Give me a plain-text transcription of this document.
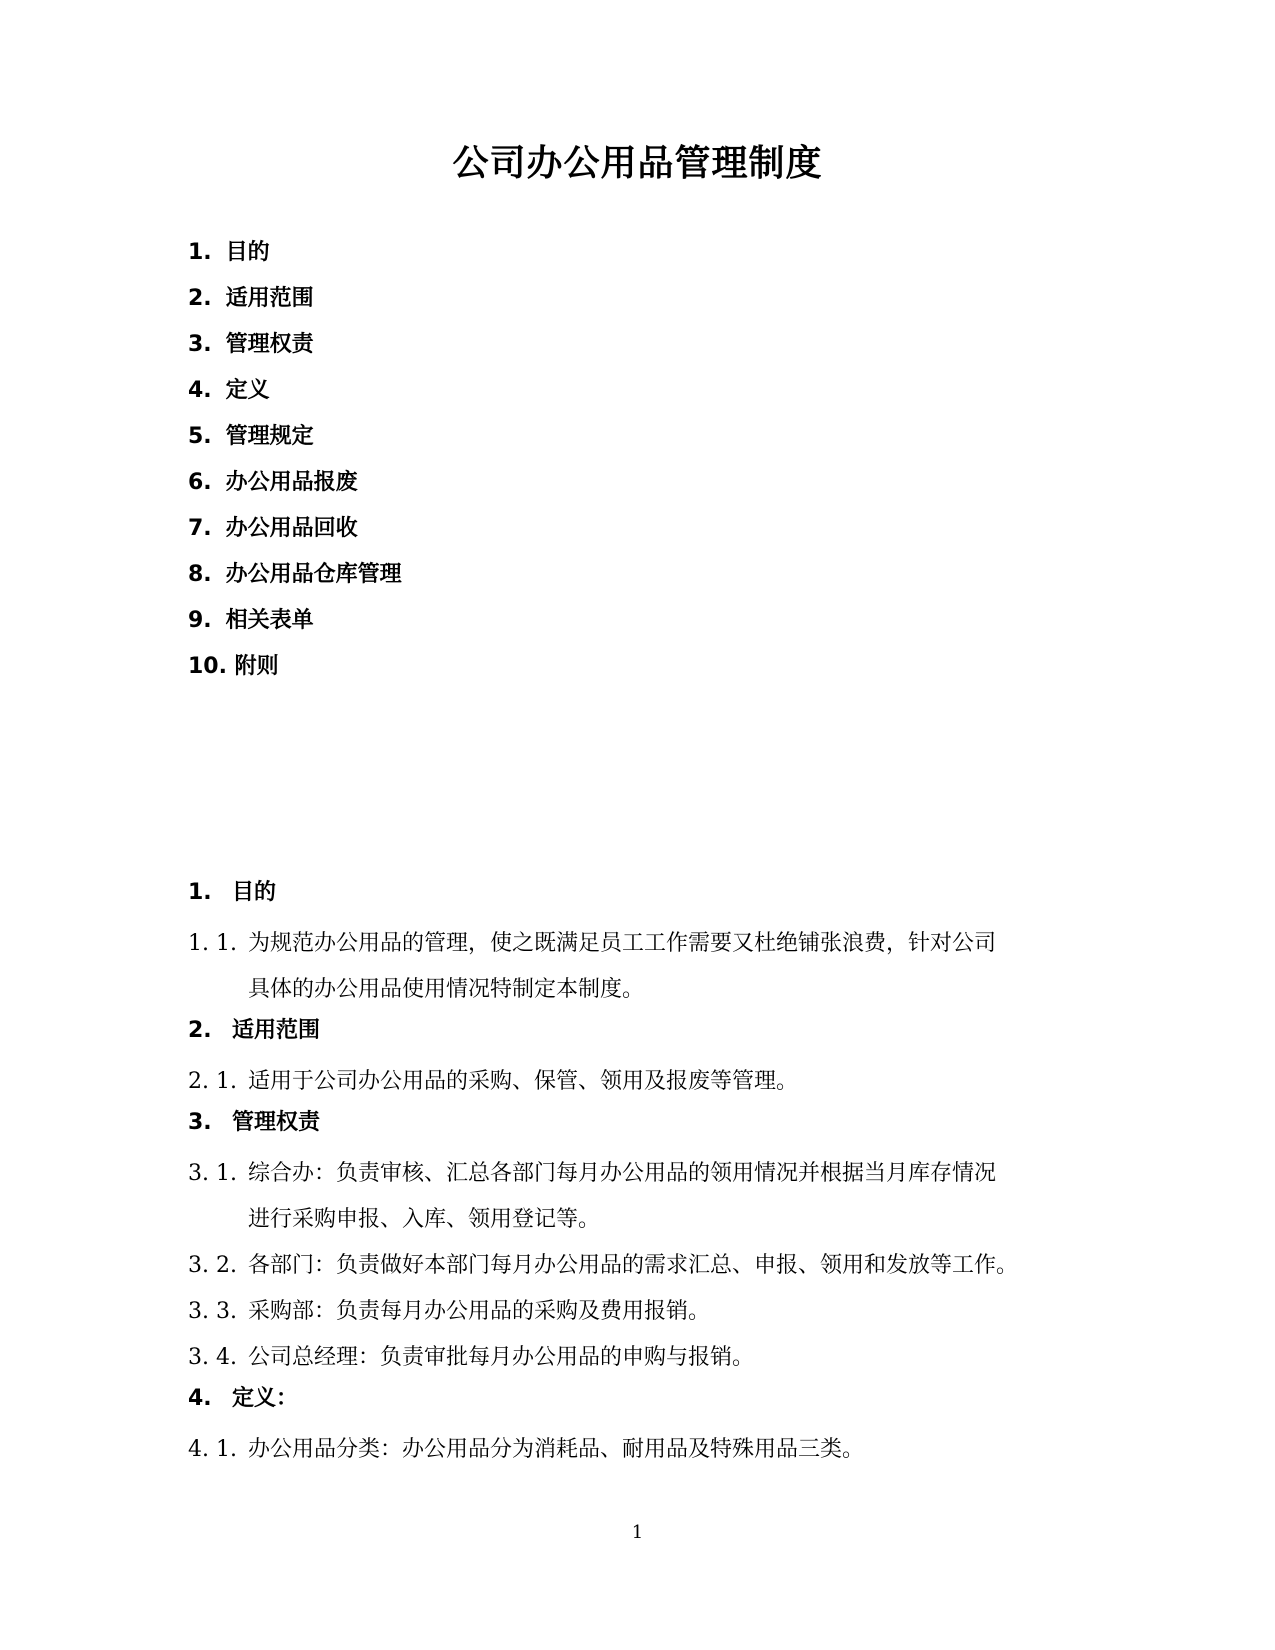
公司办公用品管理制度
1. 目的
2. 适用范围
3. 管理权责
4. 定义
5. 管理规定
6. 办公用品报废
7. 办公用品回收
8. 办公用品仓库管理
9. 相关表单
10. 附则
1. 目的
1. 1. 为规范办公用品的管理，使之既满足员工工作需要又杜绝铺张浪费，针对公司
具体的办公用品使用情况特制定本制度。
2. 适用范围
2. 1. 适用于公司办公用品的采购、保管、领用及报废等管理。
3. 管理权责
3. 1. 综合办：负责审核、汇总各部门每月办公用品的领用情况并根据当月库存情况
进行采购申报、入库、领用登记等。
3. 2. 各部门：负责做好本部门每月办公用品的需求汇总、申报、领用和发放等工作。
3. 3. 采购部：负责每月办公用品的采购及费用报销。
3. 4. 公司总经理：负责审批每月办公用品的申购与报销。
4. 定义：
4. 1. 办公用品分类：办公用品分为消耗品、耐用品及特殊用品三类。
1
